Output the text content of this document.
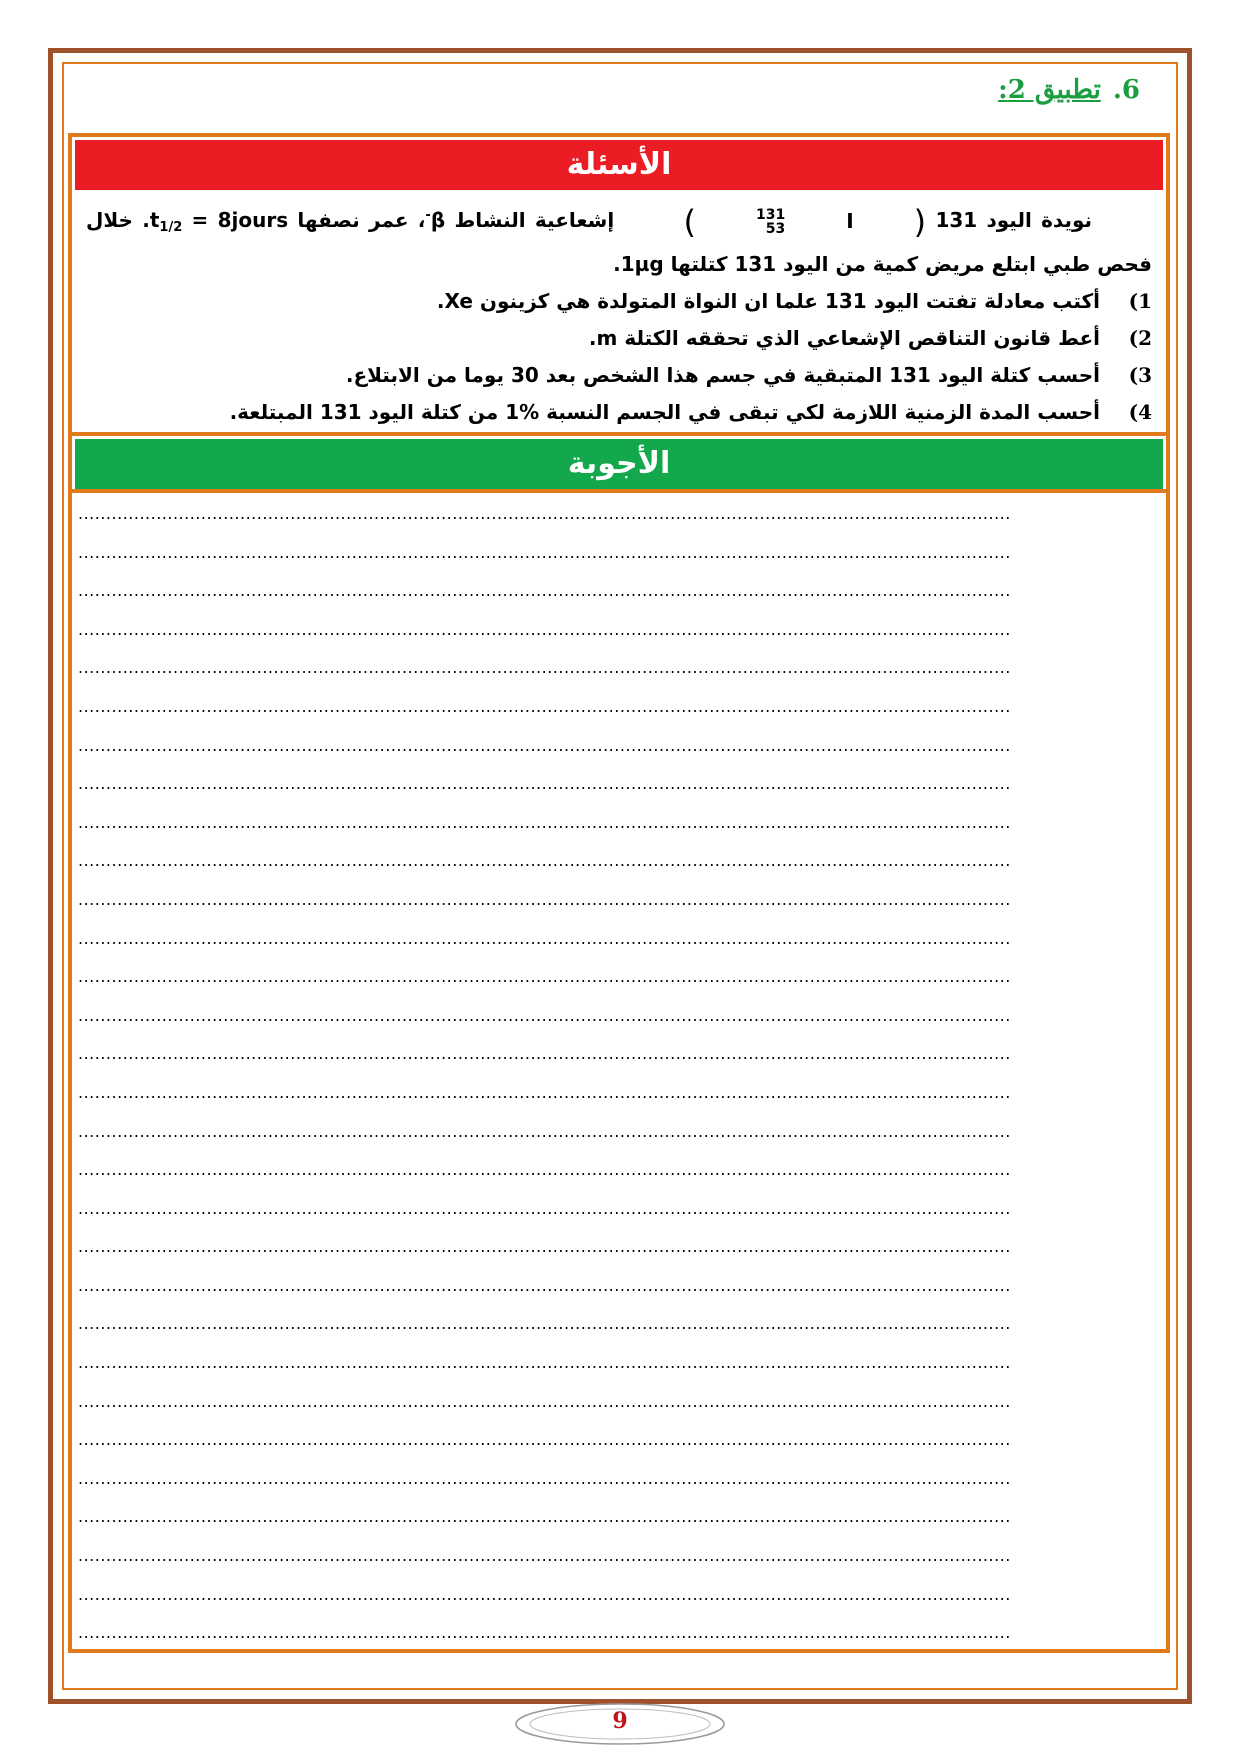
6.تطبيق 2:
الأسئلة

نويدة اليود 131
(	131
53	I	)
إشعاعية النشاط β-، عمر نصفها $t_{1/2}$ = 8jours. خلال فحص طبي ابتلع مريض كمية من اليود 131 كتلتها 1µg.

1)
أكتب معادلة تفتت اليود 131 علما ان النواة المتولدة هي كزينون Xe.
2)
أعط قانون التناقص الإشعاعي الذي تحققه الكتلة m.
3)
أحسب كتلة اليود 131 المتبقية في جسم هذا الشخص بعد 30 يوما من الابتلاع.
4)
أحسب المدة الزمنية اللازمة لكي تبقى في الجسم النسبة %1 من كتلة اليود 131 المبتلعة.
الأجوبة
.......................................................................................................................................................................
.......................................................................................................................................................................
.......................................................................................................................................................................
.......................................................................................................................................................................
.......................................................................................................................................................................
.......................................................................................................................................................................
.......................................................................................................................................................................
.......................................................................................................................................................................
.......................................................................................................................................................................
.......................................................................................................................................................................
.......................................................................................................................................................................
.......................................................................................................................................................................
.......................................................................................................................................................................
.......................................................................................................................................................................
.......................................................................................................................................................................
.......................................................................................................................................................................
.......................................................................................................................................................................
.......................................................................................................................................................................
.......................................................................................................................................................................
.......................................................................................................................................................................
.......................................................................................................................................................................
.......................................................................................................................................................................
.......................................................................................................................................................................
.......................................................................................................................................................................
.......................................................................................................................................................................
.......................................................................................................................................................................
.......................................................................................................................................................................
.......................................................................................................................................................................
.......................................................................................................................................................................
.......................................................................................................................................................................
9
